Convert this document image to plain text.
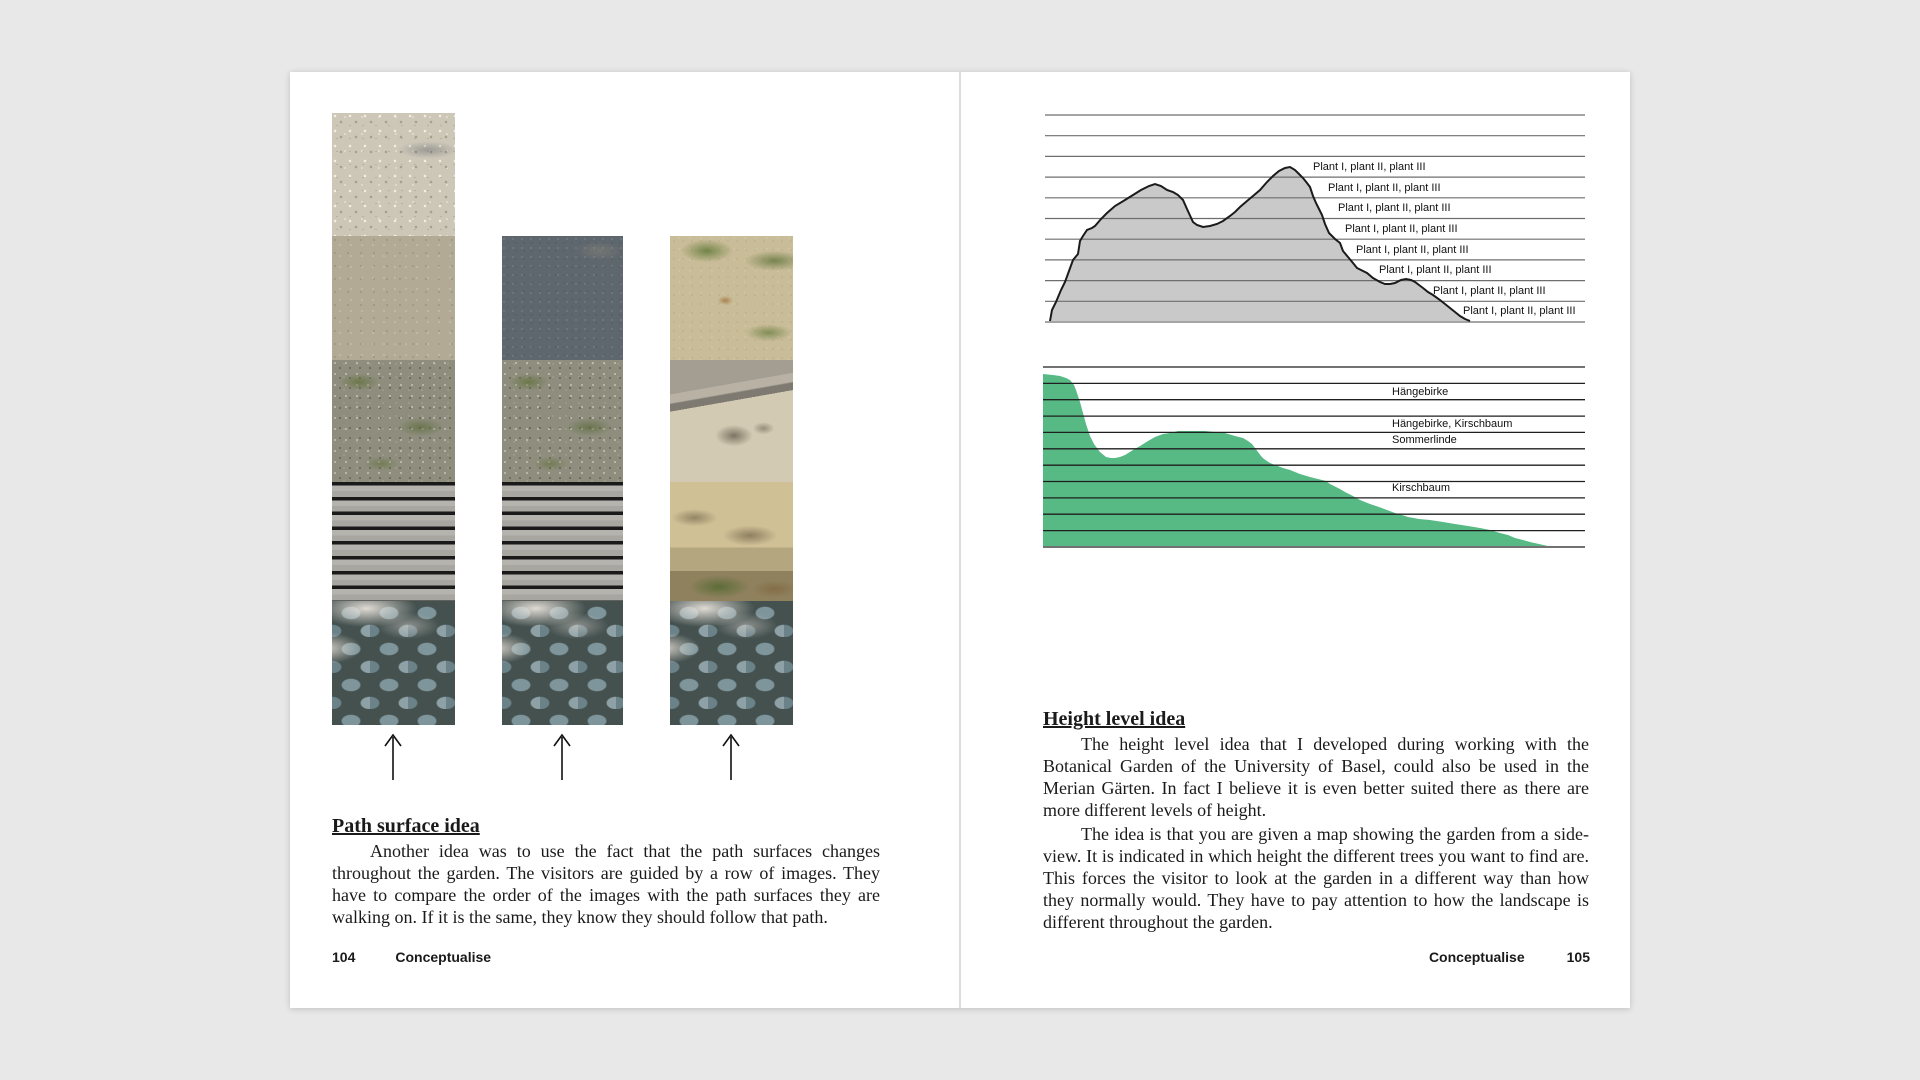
Path surface idea

Another idea was to use the fact that the path surfaces changes throughout the garden. The visitors are guided by a row of images. They have to compare the order of the images with the path surfaces they are walking on. If it is the same, they know they should follow that path.

104	Conceptualise
Plant I, plant II, plant III
Plant I, plant II, plant III
Plant I, plant II, plant III
Plant I, plant II, plant III
Plant I, plant II, plant III
Plant I, plant II, plant III
Plant I, plant II, plant III
Plant I, plant II, plant III
Hängebirke
Hängebirke, Kirschbaum
Sommerlinde
Kirschbaum
Height level idea

The height level idea that I developed during working with the Botanical Garden of the University of Basel, could also be used in the Merian Gärten. In fact I believe it is even better suited there as there are more different levels of height.

The idea is that you are given a map showing the garden from a side-view. It is indicated in which height the different trees you want to find are. This forces the visitor to look at the garden in a different way than how they normally would. They have to pay attention to how the landscape is different throughout the garden.

Conceptualise	105
